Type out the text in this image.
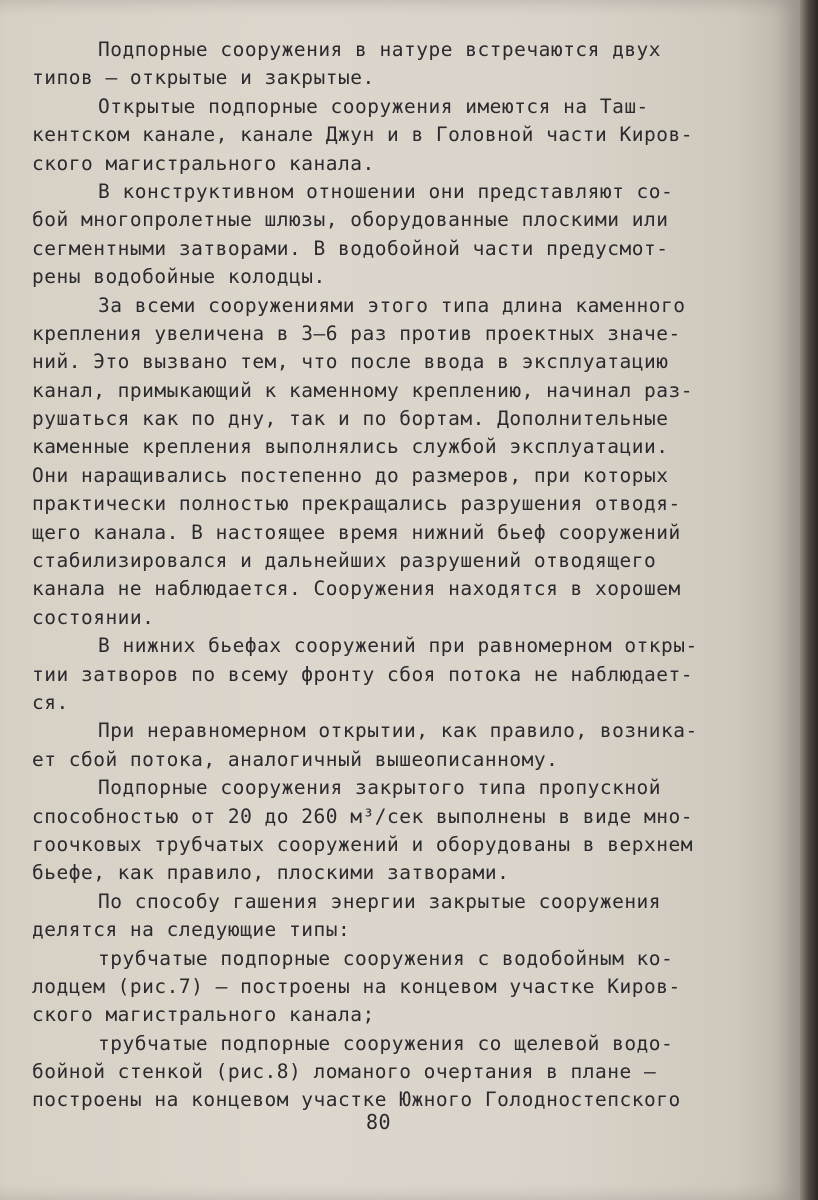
Подпорные сооружения в натуре встречаются двух
типов – открытые и закрытые.
Открытые подпорные сооружения имеются на Таш-
кентском канале, канале Джун и в Головной части Киров-
ского магистрального канала.
В конструктивном отношении они представляют со-
бой многопролетные шлюзы, оборудованные плоскими или
сегментными затворами. В водобойной части предусмот-
рены водобойные колодцы.
За всеми сооружениями этого типа длина каменного
крепления увеличена в 3–6 раз против проектных значе-
ний. Это вызвано тем, что после ввода в эксплуатацию
канал, примыкающий к каменному креплению, начинал раз-
рушаться как по дну, так и по бортам. Дополнительные
каменные крепления выполнялись службой эксплуатации.
Они наращивались постепенно до размеров, при которых
практически полностью прекращались разрушения отводя-
щего канала. В настоящее время нижний бьеф сооружений
стабилизировался и дальнейших разрушений отводящего
канала не наблюдается. Сооружения находятся в хорошем
состоянии.
В нижних бьефах сооружений при равномерном откры-
тии затворов по всему фронту сбоя потока не наблюдает-
ся.
При неравномерном открытии, как правило, возника-
ет сбой потока, аналогичный вышеописанному.
Подпорные сооружения закрытого типа пропускной
способностью от 20 до 260 м³/сек выполнены в виде мно-
гоочковых трубчатых сооружений и оборудованы в верхнем
бьефе, как правило, плоскими затворами.
По способу гашения энергии закрытые сооружения
делятся на следующие типы:
трубчатые подпорные сооружения с водобойным ко-
лодцем (рис.7) – построены на концевом участке Киров-
ского магистрального канала;
трубчатые подпорные сооружения со щелевой водо-
бойной стенкой (рис.8) ломаного очертания в плане –
построены на концевом участке Южного Голодностепского
80
